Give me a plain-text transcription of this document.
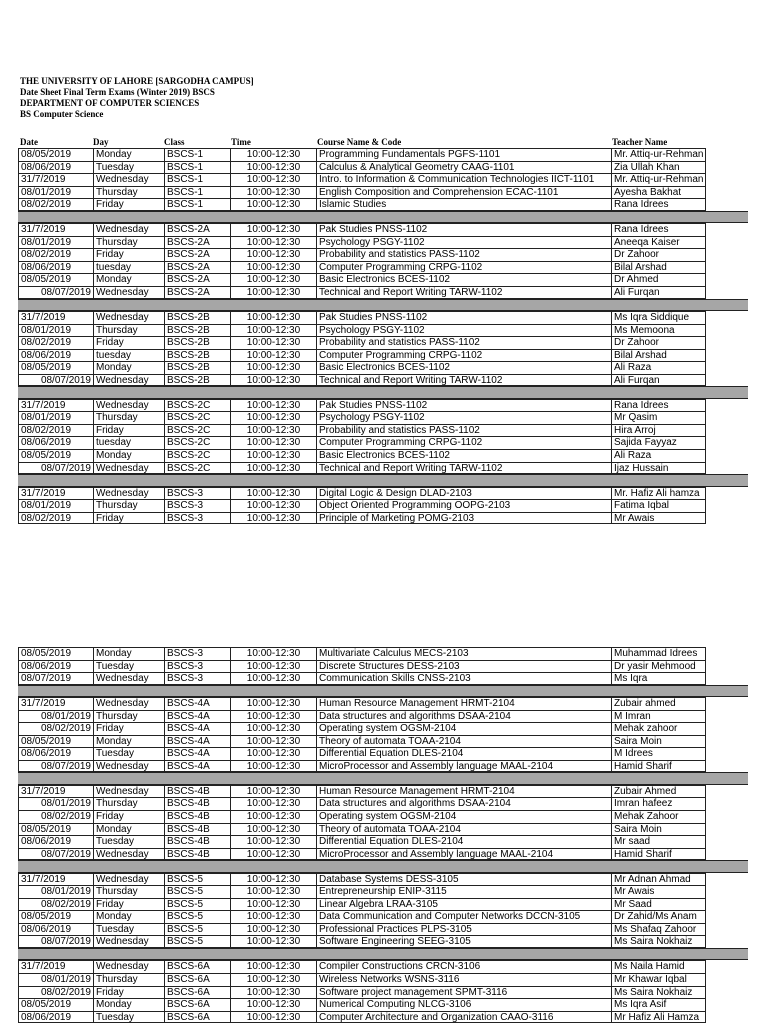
THE UNIVERSITY OF LAHORE [SARGODHA CAMPUS]
Date Sheet Final Term Exams (Winter 2019) BSCS
DEPARTMENT OF COMPUTER SCIENCES
BS Computer Science
Date	Day	Class	Time	Course Name & Code	Teacher Name
08/05/2019	Monday	BSCS-1	10:00-12:30	Programming Fundamentals PGFS-1101	Mr. Attiq-ur-Rehman
08/06/2019	Tuesday	BSCS-1	10:00-12:30	Calculus & Analytical Geometry CAAG-1101	Zia Ullah Khan
31/7/2019	Wednesday	BSCS-1	10:00-12:30	Intro. to Information & Communication Technologies IICT-1101	Mr. Attiq-ur-Rehman
08/01/2019	Thursday	BSCS-1	10:00-12:30	English Composition and Comprehension ECAC-1101	Ayesha Bakhat
08/02/2019	Friday	BSCS-1	10:00-12:30	Islamic Studies	Rana Idrees
31/7/2019	Wednesday	BSCS-2A	10:00-12:30	Pak Studies PNSS-1102	Rana Idrees
08/01/2019	Thursday	BSCS-2A	10:00-12:30	Psychology PSGY-1102	Aneeqa Kaiser
08/02/2019	Friday	BSCS-2A	10:00-12:30	Probability and statistics PASS-1102	Dr Zahoor
08/06/2019	tuesday	BSCS-2A	10:00-12:30	Computer Programming CRPG-1102	Bilal Arshad
08/05/2019	Monday	BSCS-2A	10:00-12:30	Basic Electronics BCES-1102	Dr Ahmed
08/07/2019 Wednesday	BSCS-2A	10:00-12:30	Technical and Report Writing TARW-1102	Ali Furqan
31/7/2019	Wednesday	BSCS-2B	10:00-12:30	Pak Studies PNSS-1102	Ms Iqra Siddique
08/01/2019	Thursday	BSCS-2B	10:00-12:30	Psychology PSGY-1102	Ms Memoona
08/02/2019	Friday	BSCS-2B	10:00-12:30	Probability and statistics PASS-1102	Dr Zahoor
08/06/2019	tuesday	BSCS-2B	10:00-12:30	Computer Programming CRPG-1102	Bilal Arshad
08/05/2019	Monday	BSCS-2B	10:00-12:30	Basic Electronics BCES-1102	Ali Raza
08/07/2019 Wednesday	BSCS-2B	10:00-12:30	Technical and Report Writing TARW-1102	Ali Furqan
31/7/2019	Wednesday	BSCS-2C	10:00-12:30	Pak Studies PNSS-1102	Rana Idrees
08/01/2019	Thursday	BSCS-2C	10:00-12:30	Psychology PSGY-1102	Mr Qasim
08/02/2019	Friday	BSCS-2C	10:00-12:30	Probability and statistics PASS-1102	Hira Arroj
08/06/2019	tuesday	BSCS-2C	10:00-12:30	Computer Programming CRPG-1102	Sajida Fayyaz
08/05/2019	Monday	BSCS-2C	10:00-12:30	Basic Electronics BCES-1102	Ali Raza
08/07/2019 Wednesday	BSCS-2C	10:00-12:30	Technical and Report Writing TARW-1102	Ijaz Hussain
31/7/2019	Wednesday	BSCS-3	10:00-12:30	Digital Logic & Design DLAD-2103	Mr. Hafiz Ali hamza
08/01/2019	Thursday	BSCS-3	10:00-12:30	Object Oriented Programming OOPG-2103	Fatima Iqbal
08/02/2019	Friday	BSCS-3	10:00-12:30	Principle of Marketing POMG-2103	Mr Awais
08/05/2019	Monday	BSCS-3	10:00-12:30	Multivariate Calculus MECS-2103	Muhammad Idrees
08/06/2019	Tuesday	BSCS-3	10:00-12:30	Discrete Structures DESS-2103	Dr yasir Mehmood
08/07/2019	Wednesday	BSCS-3	10:00-12:30	Communication Skills CNSS-2103	Ms Iqra
31/7/2019	Wednesday	BSCS-4A	10:00-12:30	Human Resource Management HRMT-2104	Zubair ahmed
08/01/2019 Thursday	BSCS-4A	10:00-12:30	Data structures and algorithms DSAA-2104	M Imran
08/02/2019 Friday	BSCS-4A	10:00-12:30	Operating system OGSM-2104	Mehak zahoor
08/05/2019	Monday	BSCS-4A	10:00-12:30	Theory of automata TOAA-2104	Saira Moin
08/06/2019	Tuesday	BSCS-4A	10:00-12:30	Differential Equation DLES-2104	M Idrees
08/07/2019 Wednesday	BSCS-4A	10:00-12:30	MicroProcessor and Assembly language MAAL-2104	Hamid Sharif
31/7/2019	Wednesday	BSCS-4B	10:00-12:30	Human Resource Management HRMT-2104	Zubair Ahmed
08/01/2019 Thursday	BSCS-4B	10:00-12:30	Data structures and algorithms DSAA-2104	Imran hafeez
08/02/2019 Friday	BSCS-4B	10:00-12:30	Operating system OGSM-2104	Mehak Zahoor
08/05/2019	Monday	BSCS-4B	10:00-12:30	Theory of automata TOAA-2104	Saira Moin
08/06/2019	Tuesday	BSCS-4B	10:00-12:30	Differential Equation DLES-2104	Mr saad
08/07/2019 Wednesday	BSCS-4B	10:00-12:30	MicroProcessor and Assembly language MAAL-2104	Hamid Sharif
31/7/2019	Wednesday	BSCS-5	10:00-12:30	Database Systems DESS-3105	Mr Adnan Ahmad
08/01/2019 Thursday	BSCS-5	10:00-12:30	Entrepreneurship ENIP-3115	Mr Awais
08/02/2019 Friday	BSCS-5	10:00-12:30	Linear Algebra LRAA-3105	Mr Saad
08/05/2019	Monday	BSCS-5	10:00-12:30	Data Communication and Computer Networks DCCN-3105	Dr Zahid/Ms Anam
08/06/2019	Tuesday	BSCS-5	10:00-12:30	Professional Practices PLPS-3105	Ms Shafaq Zahoor
08/07/2019 Wednesday	BSCS-5	10:00-12:30	Software Engineering SEEG-3105	Ms Saira Nokhaiz
31/7/2019	Wednesday	BSCS-6A	10:00-12:30	Compiler Constructions CRCN-3106	Ms Naila Hamid
08/01/2019 Thursday	BSCS-6A	10:00-12:30	Wireless Networks WSNS-3116	Mr Khawar Iqbal
08/02/2019 Friday	BSCS-6A	10:00-12:30	Software project management SPMT-3116	Ms Saira Nokhaiz
08/05/2019	Monday	BSCS-6A	10:00-12:30	Numerical Computing NLCG-3106	Ms Iqra Asif
08/06/2019	Tuesday	BSCS-6A	10:00-12:30	Computer Architecture and Organization CAAO-3116	Mr Hafiz Ali Hamza
